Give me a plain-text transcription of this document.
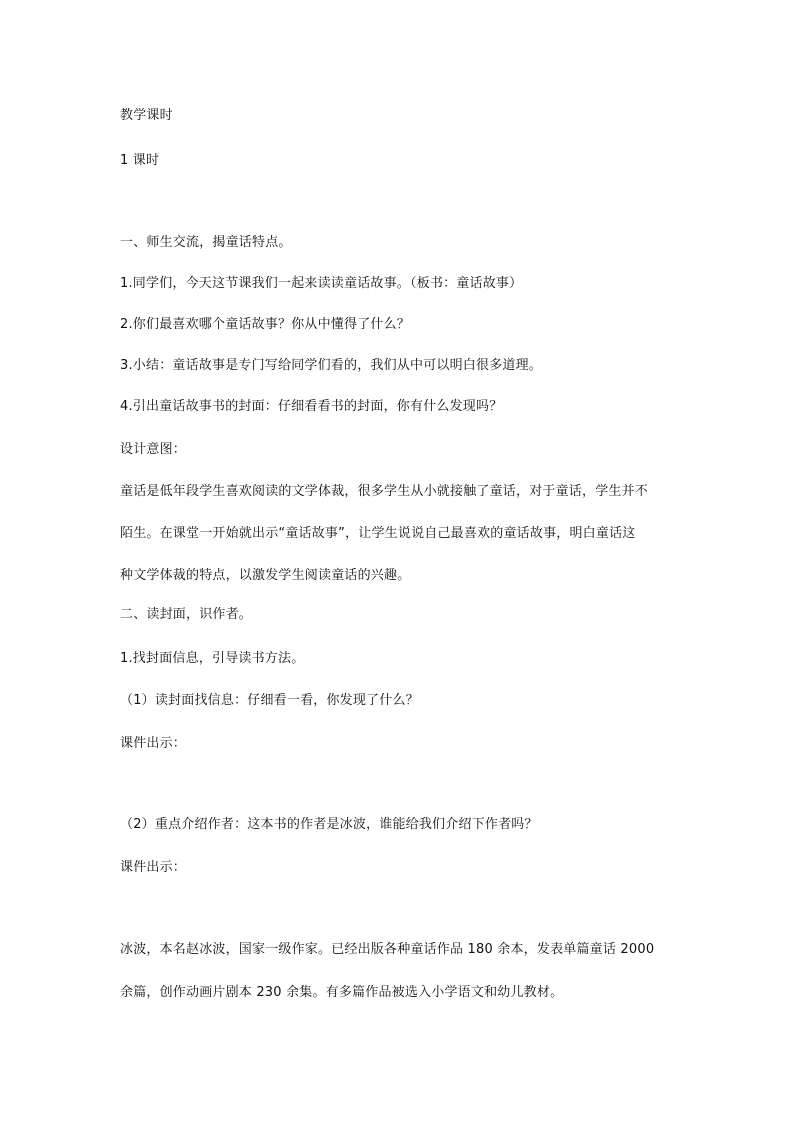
教学课时
1 课时
一、师生交流，揭童话特点。
1.同学们，今天这节课我们一起来读读童话故事。（板书：童话故事）
2.你们最喜欢哪个童话故事？你从中懂得了什么？
3.小结：童话故事是专门写给同学们看的，我们从中可以明白很多道理。
4.引出童话故事书的封面：仔细看看书的封面，你有什么发现吗？
设计意图：
童话是低年段学生喜欢阅读的文学体裁，很多学生从小就接触了童话，对于童话，学生并不
陌生。在课堂一开始就出示“童话故事”，让学生说说自己最喜欢的童话故事，明白童话这
种文学体裁的特点，以激发学生阅读童话的兴趣。
二、读封面，识作者。
1.找封面信息，引导读书方法。
（1）读封面找信息：仔细看一看，你发现了什么？
课件出示：
（2）重点介绍作者：这本书的作者是冰波，谁能给我们介绍下作者吗？
课件出示：
冰波，本名赵冰波，国家一级作家。已经出版各种童话作品 180 余本，发表单篇童话 2000
余篇，创作动画片剧本 230 余集。有多篇作品被选入小学语文和幼儿教材。
